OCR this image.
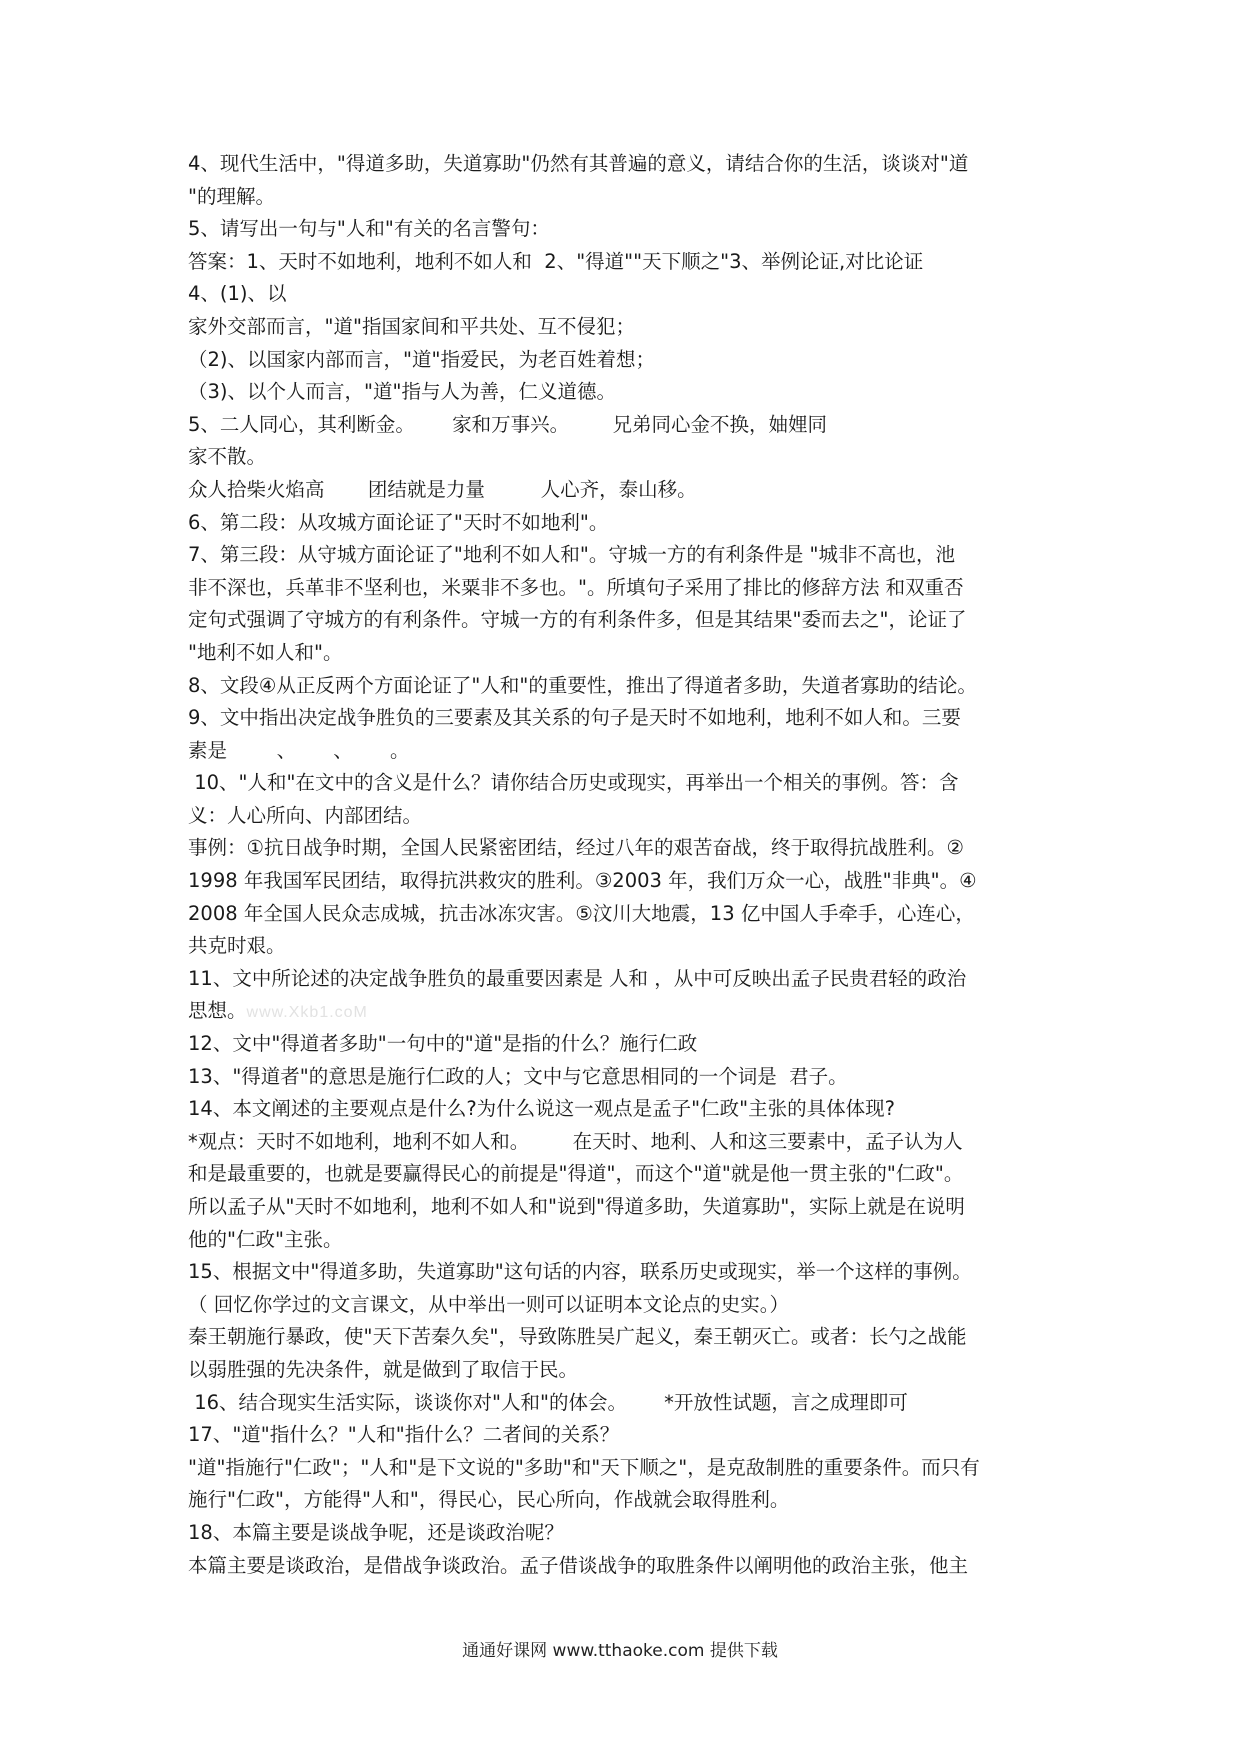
4、现代生活中，"得道多助，失道寡助"仍然有其普遍的意义，请结合你的生活，谈谈对"道
"的理解。
5、请写出一句与"人和"有关的名言警句：
答案：1、天时不如地利，地利不如人和  2、"得道""天下顺之"3、举例论证,对比论证
4、(1)、以
家外交部而言，"道"指国家间和平共处、互不侵犯；
（2)、以国家内部而言，"道"指爱民，为老百姓着想；
（3)、以个人而言，"道"指与人为善，仁义道德。
5、二人同心，其利断金。      家和万事兴。       兄弟同心金不换，妯娌同
家不散。
众人拾柴火焰高       团结就是力量         人心齐，泰山移。
6、第二段：从攻城方面论证了"天时不如地利"。
7、第三段：从守城方面论证了"地利不如人和"。守城一方的有利条件是 "城非不高也，池
非不深也，兵革非不坚利也，米粟非不多也。"。所填句子采用了排比的修辞方法 和双重否
定句式强调了守城方的有利条件。守城一方的有利条件多，但是其结果"委而去之"，论证了
"地利不如人和"。
8、文段④从正反两个方面论证了"人和"的重要性，推出了得道者多助，失道者寡助的结论。
9、文中指出决定战争胜负的三要素及其关系的句子是天时不如地利，地利不如人和。三要
素是        、      、      。
10、"人和"在文中的含义是什么？请你结合历史或现实，再举出一个相关的事例。答：含
义：人心所向、内部团结。
事例：①抗日战争时期，全国人民紧密团结，经过八年的艰苦奋战，终于取得抗战胜利。②
1998 年我国军民团结，取得抗洪救灾的胜利。③2003 年，我们万众一心，战胜"非典"。④
2008 年全国人民众志成城，抗击冰冻灾害。⑤汶川大地震，13 亿中国人手牵手，心连心，
共克时艰。
11、文中所论述的决定战争胜负的最重要因素是 人和 ，从中可反映出孟子民贵君轻的政治
思想。www.Xkb1.coM
12、文中"得道者多助"一句中的"道"是指的什么？施行仁政
13、"得道者"的意思是施行仁政的人；文中与它意思相同的一个词是  君子。
14、本文阐述的主要观点是什么?为什么说这一观点是孟子"仁政"主张的具体体现?
*观点：天时不如地利，地利不如人和。       在天时、地利、人和这三要素中，孟子认为人
和是最重要的，也就是要赢得民心的前提是"得道"，而这个"道"就是他一贯主张的"仁政"。
所以孟子从"天时不如地利，地利不如人和"说到"得道多助，失道寡助"，实际上就是在说明
他的"仁政"主张。
15、根据文中"得道多助，失道寡助"这句话的内容，联系历史或现实，举一个这样的事例。
（ 回忆你学过的文言课文，从中举出一则可以证明本文论点的史实。）
秦王朝施行暴政，使"天下苦秦久矣"，导致陈胜吴广起义，秦王朝灭亡。或者：长勺之战能
以弱胜强的先决条件，就是做到了取信于民。
16、结合现实生活实际，谈谈你对"人和"的体会。      *开放性试题，言之成理即可
17、"道"指什么？"人和"指什么？二者间的关系？
"道"指施行"仁政"；"人和"是下文说的"多助"和"天下顺之"，是克敌制胜的重要条件。而只有
施行"仁政"，方能得"人和"，得民心，民心所向，作战就会取得胜利。
18、本篇主要是谈战争呢，还是谈政治呢？
本篇主要是谈政治，是借战争谈政治。孟子借谈战争的取胜条件以阐明他的政治主张，他主
通通好课网 www.tthaoke.com 提供下载
